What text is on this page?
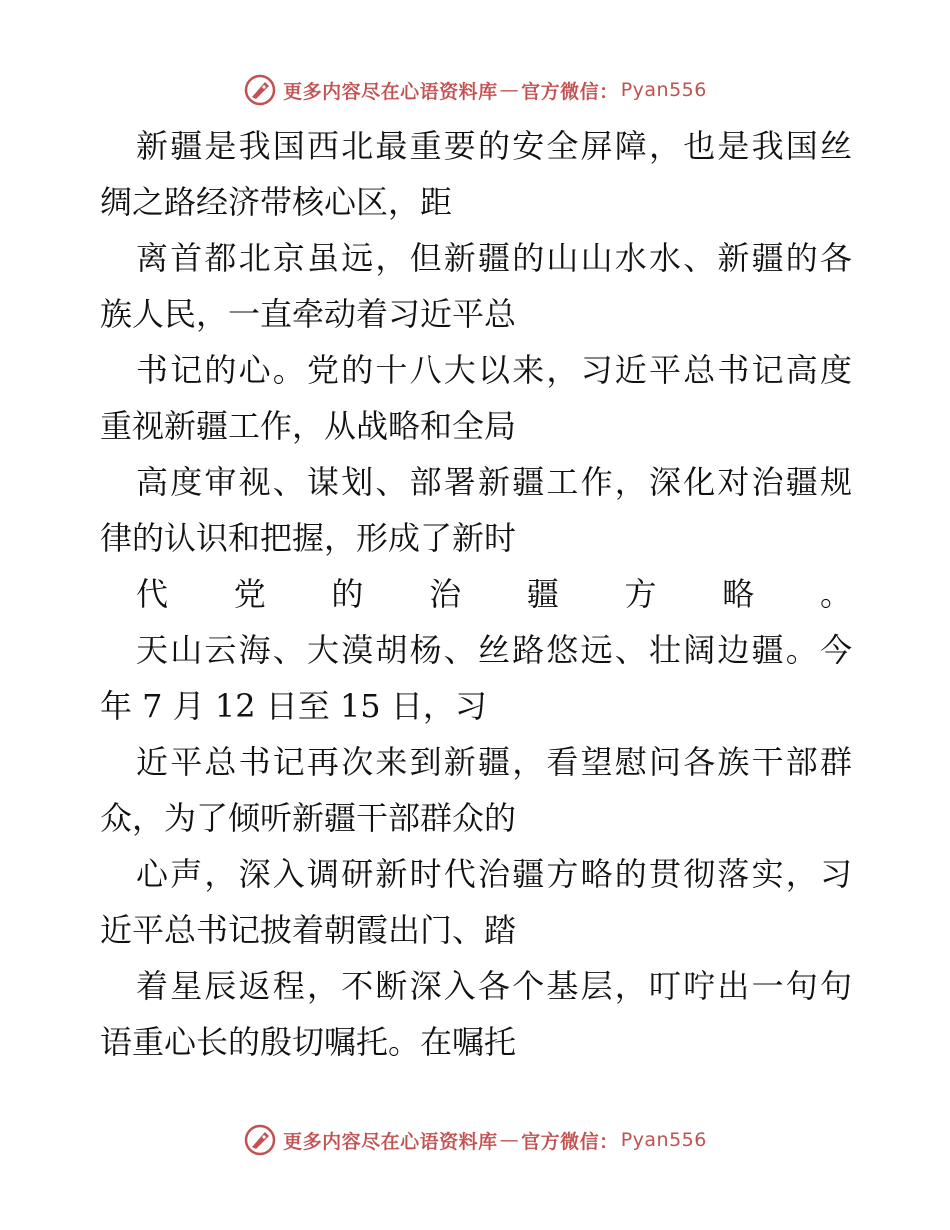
更多内容尽在心语资料库 — 官方微信： Pyan556
新疆是我国西北最重要的安全屏障，也是我国丝
绸之路经济带核心区，距
离首都北京虽远，但新疆的山山水水、新疆的各
族人民，一直牵动着习近平总
书记的心。党的十八大以来，习近平总书记高度
重视新疆工作，从战略和全局
高度审视、谋划、部署新疆工作，深化对治疆规
律的认识和把握，形成了新时
代党的治疆方略。
天山云海、大漠胡杨、丝路悠远、壮阔边疆。今
年 7 月 12 日至 15 日，习
近平总书记再次来到新疆，看望慰问各族干部群
众，为了倾听新疆干部群众的
心声，深入调研新时代治疆方略的贯彻落实，习
近平总书记披着朝霞出门、踏
着星辰返程，不断深入各个基层，叮咛出一句句
语重心长的殷切嘱托。在嘱托
更多内容尽在心语资料库 — 官方微信： Pyan556
